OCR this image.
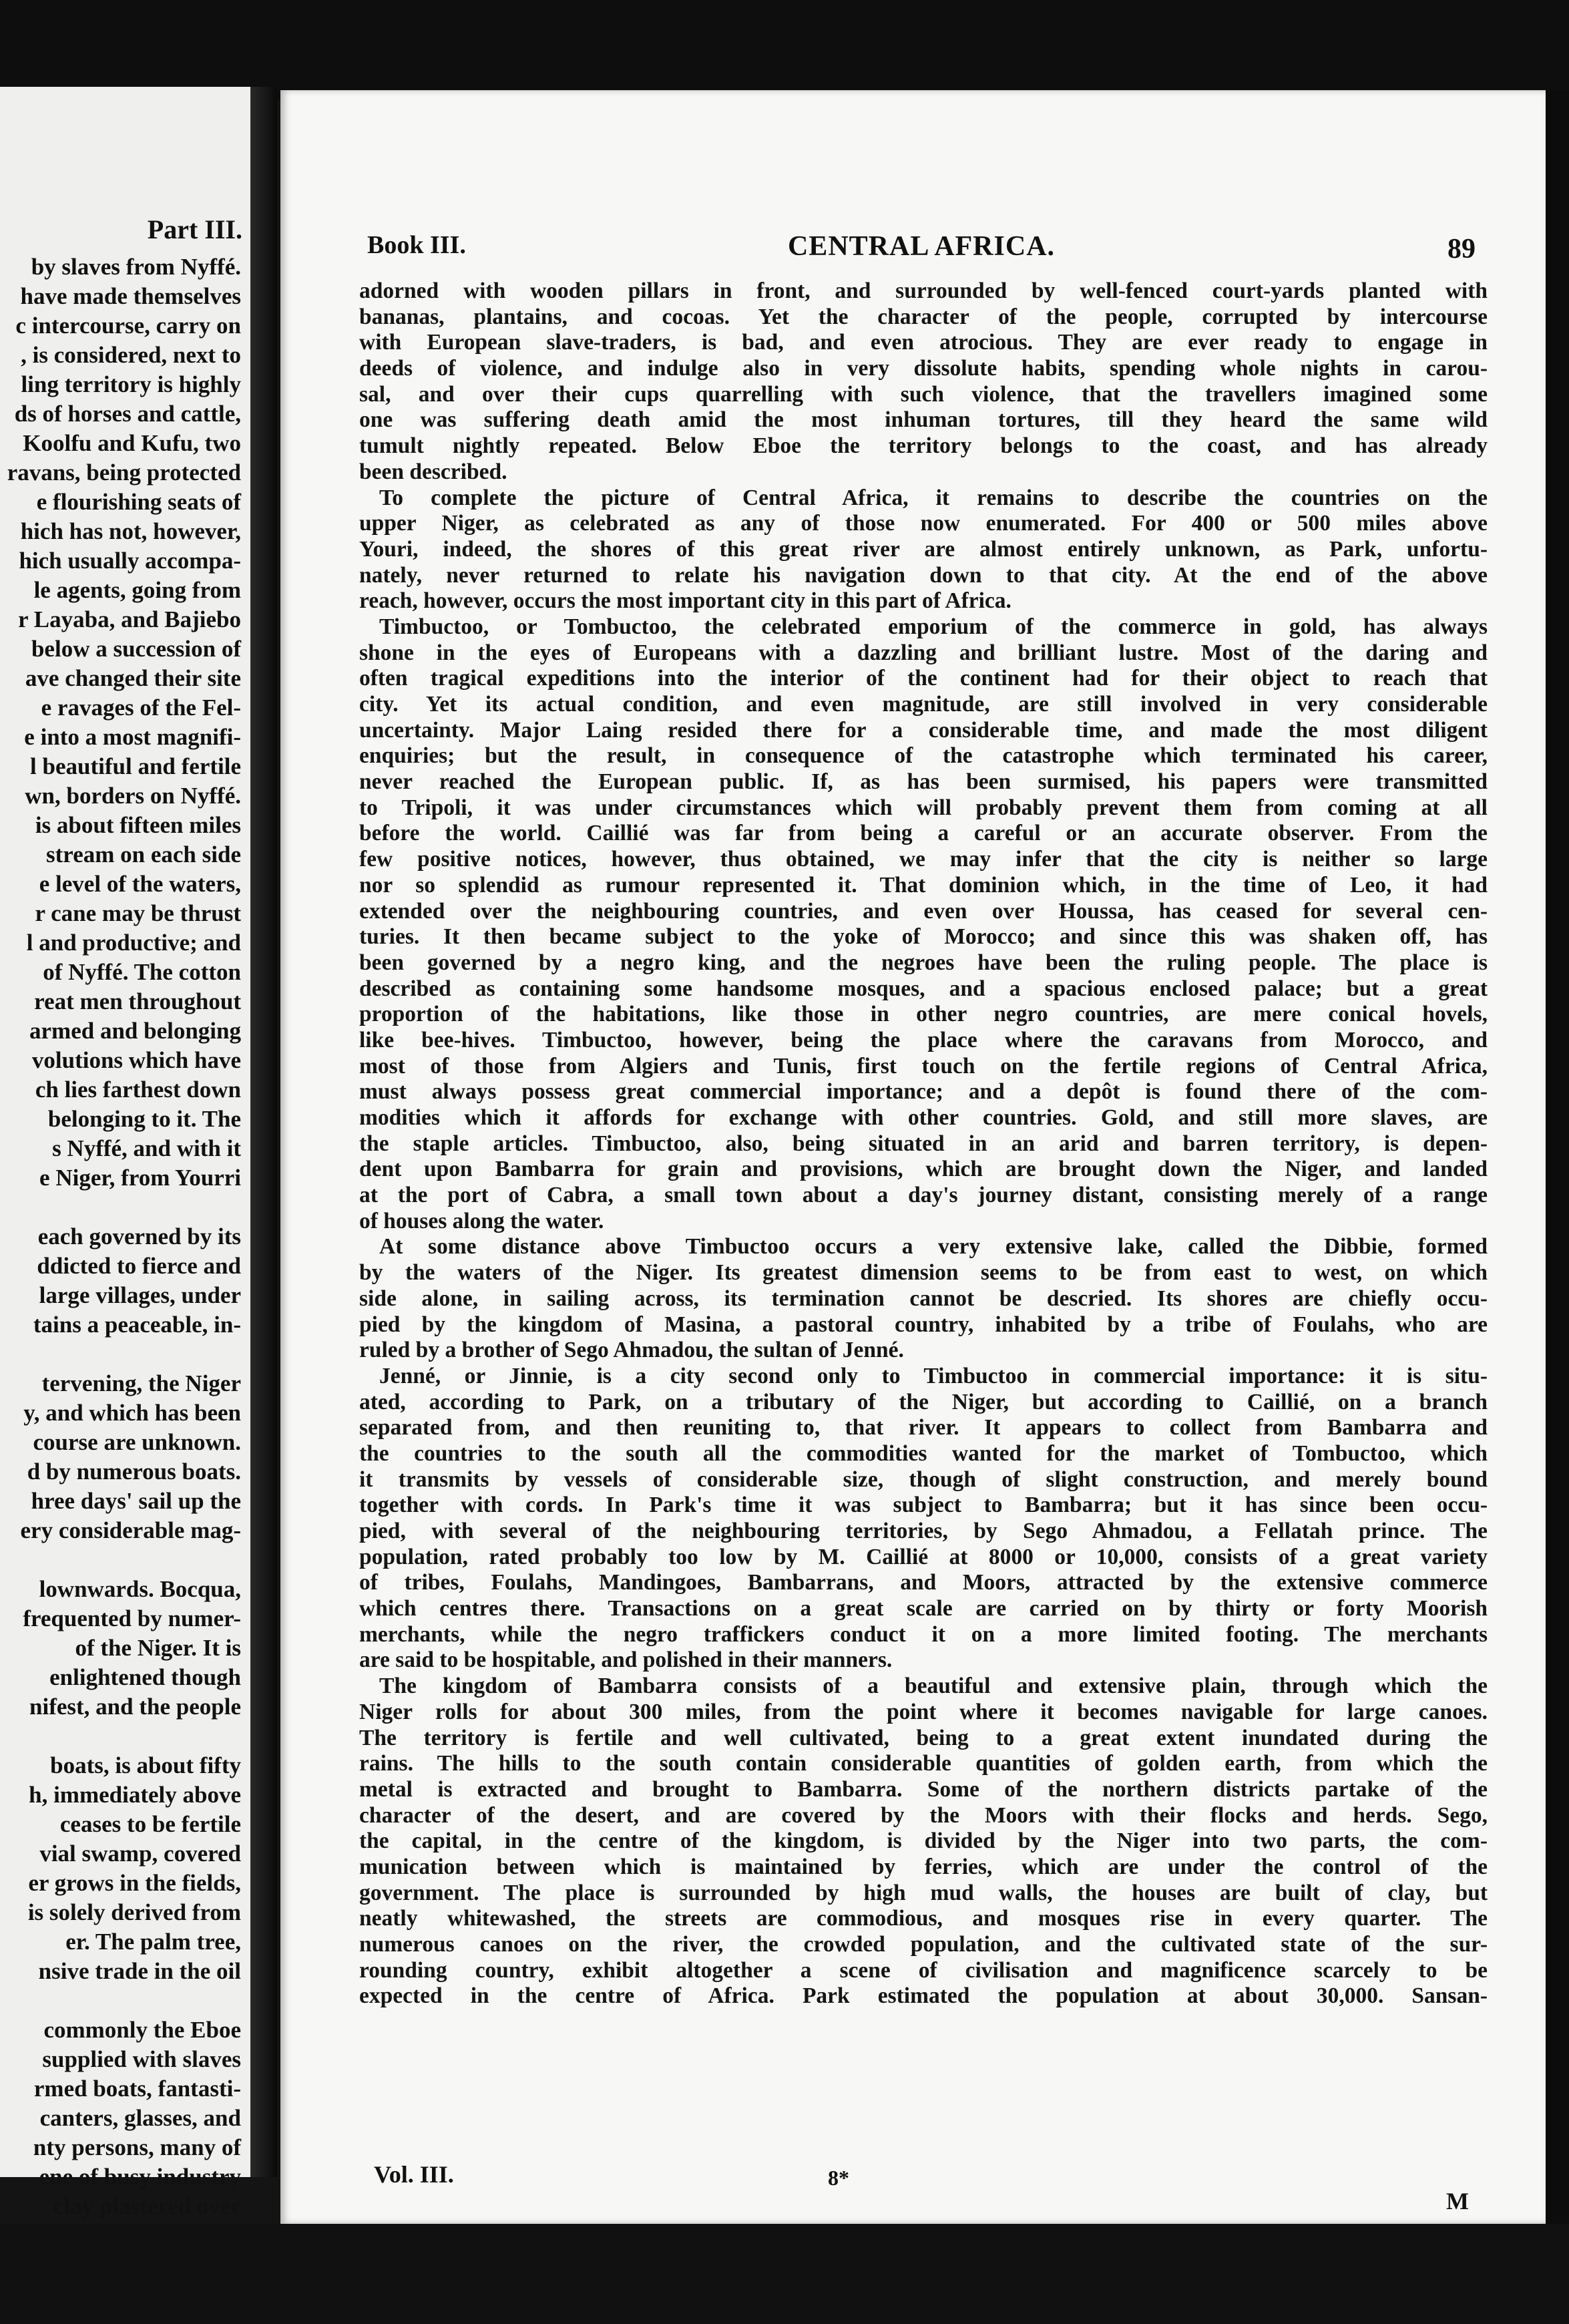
Part III.
by slaves from Nyffé.
have made themselves
c intercourse, carry on
, is considered, next to
ling territory is highly
ds of horses and cattle,
Koolfu and Kufu, two
ravans, being protected
e flourishing seats of
hich has not, however,
hich usually accompa-
le agents, going from
r Layaba, and Bajiebo
below a succession of
ave changed their site
e ravages of the Fel-
e into a most magnifi-
l beautiful and fertile
wn, borders on Nyffé.
is about fifteen miles
stream on each side
e level of the waters,
r cane may be thrust
l and productive; and
of Nyffé. The cotton
reat men throughout
armed and belonging
volutions which have
ch lies farthest down
belonging to it. The
s Nyffé, and with it
e Niger, from Yourri
each governed by its
ddicted to fierce and
large villages, under
tains a peaceable, in-
tervening, the Niger
y, and which has been
course are unknown.
d by numerous boats.
hree days' sail up the
ery considerable mag-
lownwards. Bocqua,
frequented by numer-
of the Niger. It is
enlightened though
nifest, and the people
boats, is about fifty
h, immediately above
ceases to be fertile
vial swamp, covered
er grows in the fields,
is solely derived from
er. The palm tree,
nsive trade in the oil
commonly the Eboe
supplied with slaves
rmed boats, fantasti-
canters, glasses, and
nty persons, many of
ene of busy industry
clay plastered over
Book III.	CENTRAL AFRICA.	89
adorned with wooden pillars in front, and surrounded by well-fenced court-yards planted with
bananas, plantains, and cocoas. Yet the character of the people, corrupted by intercourse
with European slave-traders, is bad, and even atrocious. They are ever ready to engage in
deeds of violence, and indulge also in very dissolute habits, spending whole nights in carou-
sal, and over their cups quarrelling with such violence, that the travellers imagined some
one was suffering death amid the most inhuman tortures, till they heard the same wild
tumult nightly repeated. Below Eboe the territory belongs to the coast, and has already
been described.
To complete the picture of Central Africa, it remains to describe the countries on the
upper Niger, as celebrated as any of those now enumerated. For 400 or 500 miles above
Youri, indeed, the shores of this great river are almost entirely unknown, as Park, unfortu-
nately, never returned to relate his navigation down to that city. At the end of the above
reach, however, occurs the most important city in this part of Africa.
Timbuctoo, or Tombuctoo, the celebrated emporium of the commerce in gold, has always
shone in the eyes of Europeans with a dazzling and brilliant lustre. Most of the daring and
often tragical expeditions into the interior of the continent had for their object to reach that
city. Yet its actual condition, and even magnitude, are still involved in very considerable
uncertainty. Major Laing resided there for a considerable time, and made the most diligent
enquiries; but the result, in consequence of the catastrophe which terminated his career,
never reached the European public. If, as has been surmised, his papers were transmitted
to Tripoli, it was under circumstances which will probably prevent them from coming at all
before the world. Caillié was far from being a careful or an accurate observer. From the
few positive notices, however, thus obtained, we may infer that the city is neither so large
nor so splendid as rumour represented it. That dominion which, in the time of Leo, it had
extended over the neighbouring countries, and even over Houssa, has ceased for several cen-
turies. It then became subject to the yoke of Morocco; and since this was shaken off, has
been governed by a negro king, and the negroes have been the ruling people. The place is
described as containing some handsome mosques, and a spacious enclosed palace; but a great
proportion of the habitations, like those in other negro countries, are mere conical hovels,
like bee-hives. Timbuctoo, however, being the place where the caravans from Morocco, and
most of those from Algiers and Tunis, first touch on the fertile regions of Central Africa,
must always possess great commercial importance; and a depôt is found there of the com-
modities which it affords for exchange with other countries. Gold, and still more slaves, are
the staple articles. Timbuctoo, also, being situated in an arid and barren territory, is depen-
dent upon Bambarra for grain and provisions, which are brought down the Niger, and landed
at the port of Cabra, a small town about a day's journey distant, consisting merely of a range
of houses along the water.
At some distance above Timbuctoo occurs a very extensive lake, called the Dibbie, formed
by the waters of the Niger. Its greatest dimension seems to be from east to west, on which
side alone, in sailing across, its termination cannot be descried. Its shores are chiefly occu-
pied by the kingdom of Masina, a pastoral country, inhabited by a tribe of Foulahs, who are
ruled by a brother of Sego Ahmadou, the sultan of Jenné.
Jenné, or Jinnie, is a city second only to Timbuctoo in commercial importance: it is situ-
ated, according to Park, on a tributary of the Niger, but according to Caillié, on a branch
separated from, and then reuniting to, that river. It appears to collect from Bambarra and
the countries to the south all the commodities wanted for the market of Tombuctoo, which
it transmits by vessels of considerable size, though of slight construction, and merely bound
together with cords. In Park's time it was subject to Bambarra; but it has since been occu-
pied, with several of the neighbouring territories, by Sego Ahmadou, a Fellatah prince. The
population, rated probably too low by M. Caillié at 8000 or 10,000, consists of a great variety
of tribes, Foulahs, Mandingoes, Bambarrans, and Moors, attracted by the extensive commerce
which centres there. Transactions on a great scale are carried on by thirty or forty Moorish
merchants, while the negro traffickers conduct it on a more limited footing. The merchants
are said to be hospitable, and polished in their manners.
The kingdom of Bambarra consists of a beautiful and extensive plain, through which the
Niger rolls for about 300 miles, from the point where it becomes navigable for large canoes.
The territory is fertile and well cultivated, being to a great extent inundated during the
rains. The hills to the south contain considerable quantities of golden earth, from which the
metal is extracted and brought to Bambarra. Some of the northern districts partake of the
character of the desert, and are covered by the Moors with their flocks and herds. Sego,
the capital, in the centre of the kingdom, is divided by the Niger into two parts, the com-
munication between which is maintained by ferries, which are under the control of the
government. The place is surrounded by high mud walls, the houses are built of clay, but
neatly whitewashed, the streets are commodious, and mosques rise in every quarter. The
numerous canoes on the river, the crowded population, and the cultivated state of the sur-
rounding country, exhibit altogether a scene of civilisation and magnificence scarcely to be
expected in the centre of Africa. Park estimated the population at about 30,000. Sansan-
Vol. III.	8*
M
